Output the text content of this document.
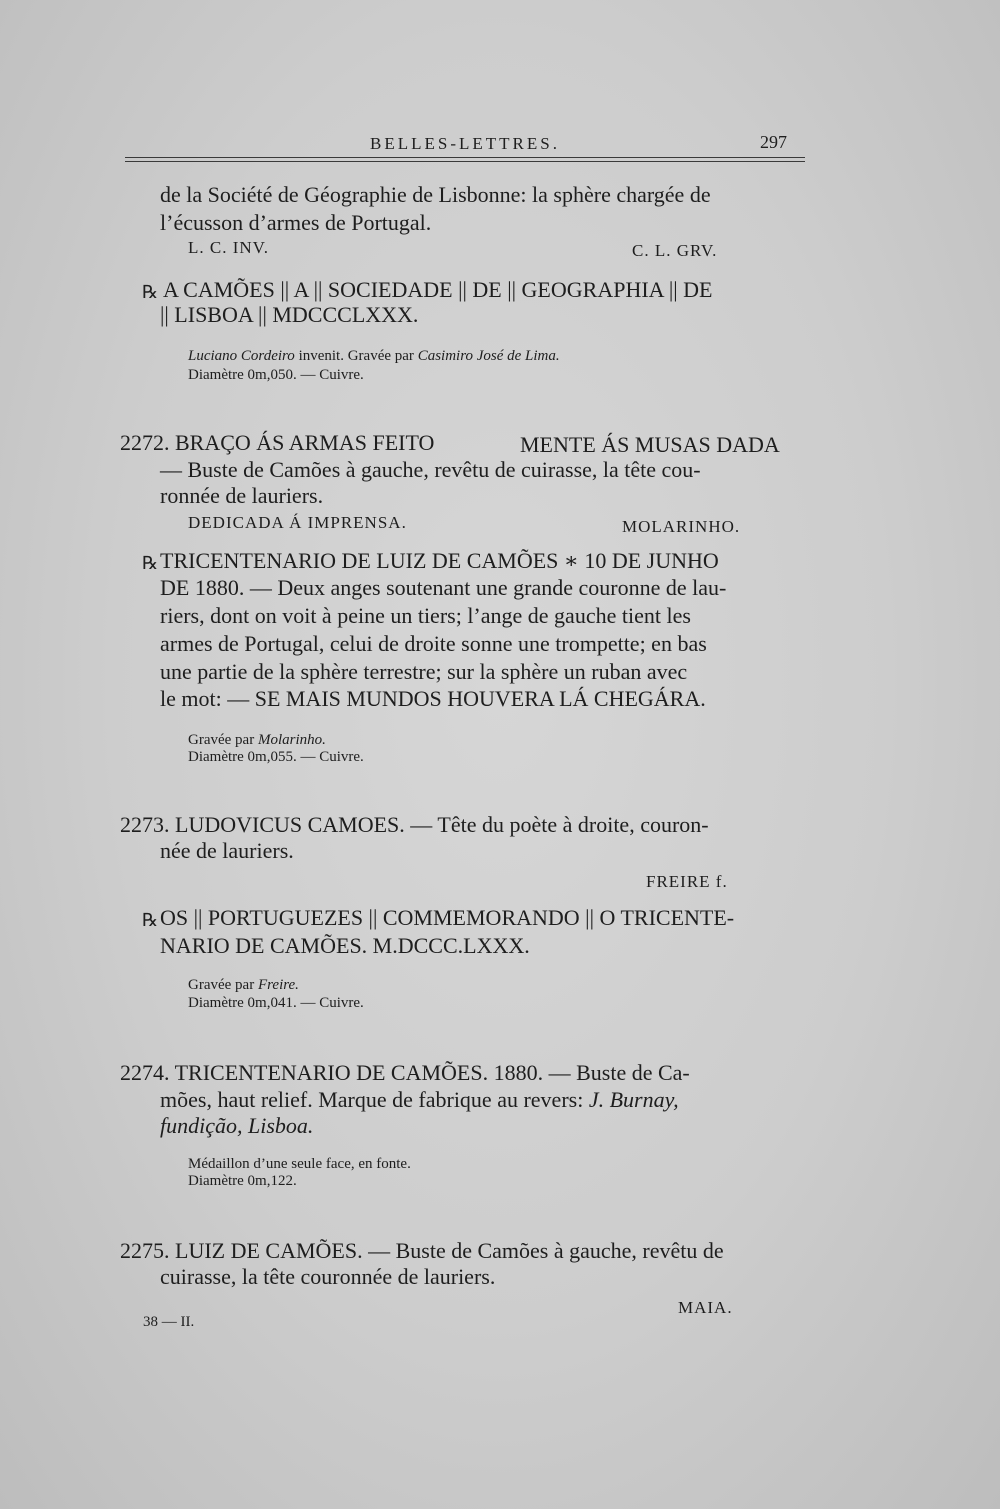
BELLES-LETTRES.	297
de la Société de Géographie de Lisbonne: la sphère chargée de
l’écusson d’armes de Portugal.
L. C. INV.	C. L. GRV.
℞ A CAMÕES || A || SOCIEDADE || DE || GEOGRAPHIA || DE
|| LISBOA || MDCCCLXXX.
Luciano Cordeiro invenit. Gravée par Casimiro José de Lima.
Diamètre 0m,050. — Cuivre.
2272. BRAÇO ÁS ARMAS FEITO	MENTE ÁS MUSAS DADA
— Buste de Camões à gauche, revêtu de cuirasse, la tête cou-
ronnée de lauriers.
DEDICADA Á IMPRENSA.	MOLARINHO.
℞ TRICENTENARIO DE LUIZ DE CAMÕES ∗ 10 DE JUNHO
DE 1880. — Deux anges soutenant une grande couronne de lau-
riers, dont on voit à peine un tiers; l’ange de gauche tient les
armes de Portugal, celui de droite sonne une trompette; en bas
une partie de la sphère terrestre; sur la sphère un ruban avec
le mot: — SE MAIS MUNDOS HOUVERA LÁ CHEGÁRA.
Gravée par Molarinho.
Diamètre 0m,055. — Cuivre.
2273. LUDOVICUS CAMOES. — Tête du poète à droite, couron-
née de lauriers.
FREIRE f.
℞ OS || PORTUGUEZES || COMMEMORANDO || O TRICENTE-
NARIO DE CAMÕES. M.DCCC.LXXX.
Gravée par Freire.
Diamètre 0m,041. — Cuivre.
2274. TRICENTENARIO DE CAMÕES. 1880. — Buste de Ca-
mões, haut relief. Marque de fabrique au revers: J. Burnay,
fundição, Lisboa.
Médaillon d’une seule face, en fonte.
Diamètre 0m,122.
2275. LUIZ DE CAMÕES. — Buste de Camões à gauche, revêtu de
cuirasse, la tête couronnée de lauriers.
MAIA.
38 — II.
